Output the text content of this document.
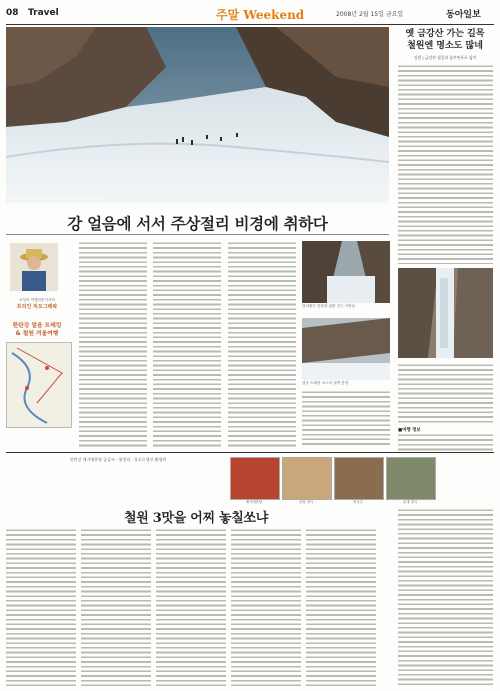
08 Travel	주말 Weekend	2008년 2월 15일 금요일	동아일보
한탄강 얼음 위를 걷는 트레킹 참가자들과 주상절리 절벽 풍경.
강 얼음에 서서 주상절리 비경에 취하다
옛 금강산 가는 길목
철원엔 명소도 많네
강원 | 금강산 철길과 삼부연폭포 넘어
■여행 정보
조성하 여행전문기자의
프리인 처오그레팍
한탄강 얼음 트레킹
& 철원 겨울여행
얼어붙은 한탄강 위를 걷는 사람들
얼음 트레킹 코스의 절벽 풍경
한탄강 메기매운탕·곰곰즈 · 월정리 · 물오른생선 활생련
메기매운탕	곰탕 정식	막국수	순대 정식
철원 3맛을 어찌 놓칠쏘냐
